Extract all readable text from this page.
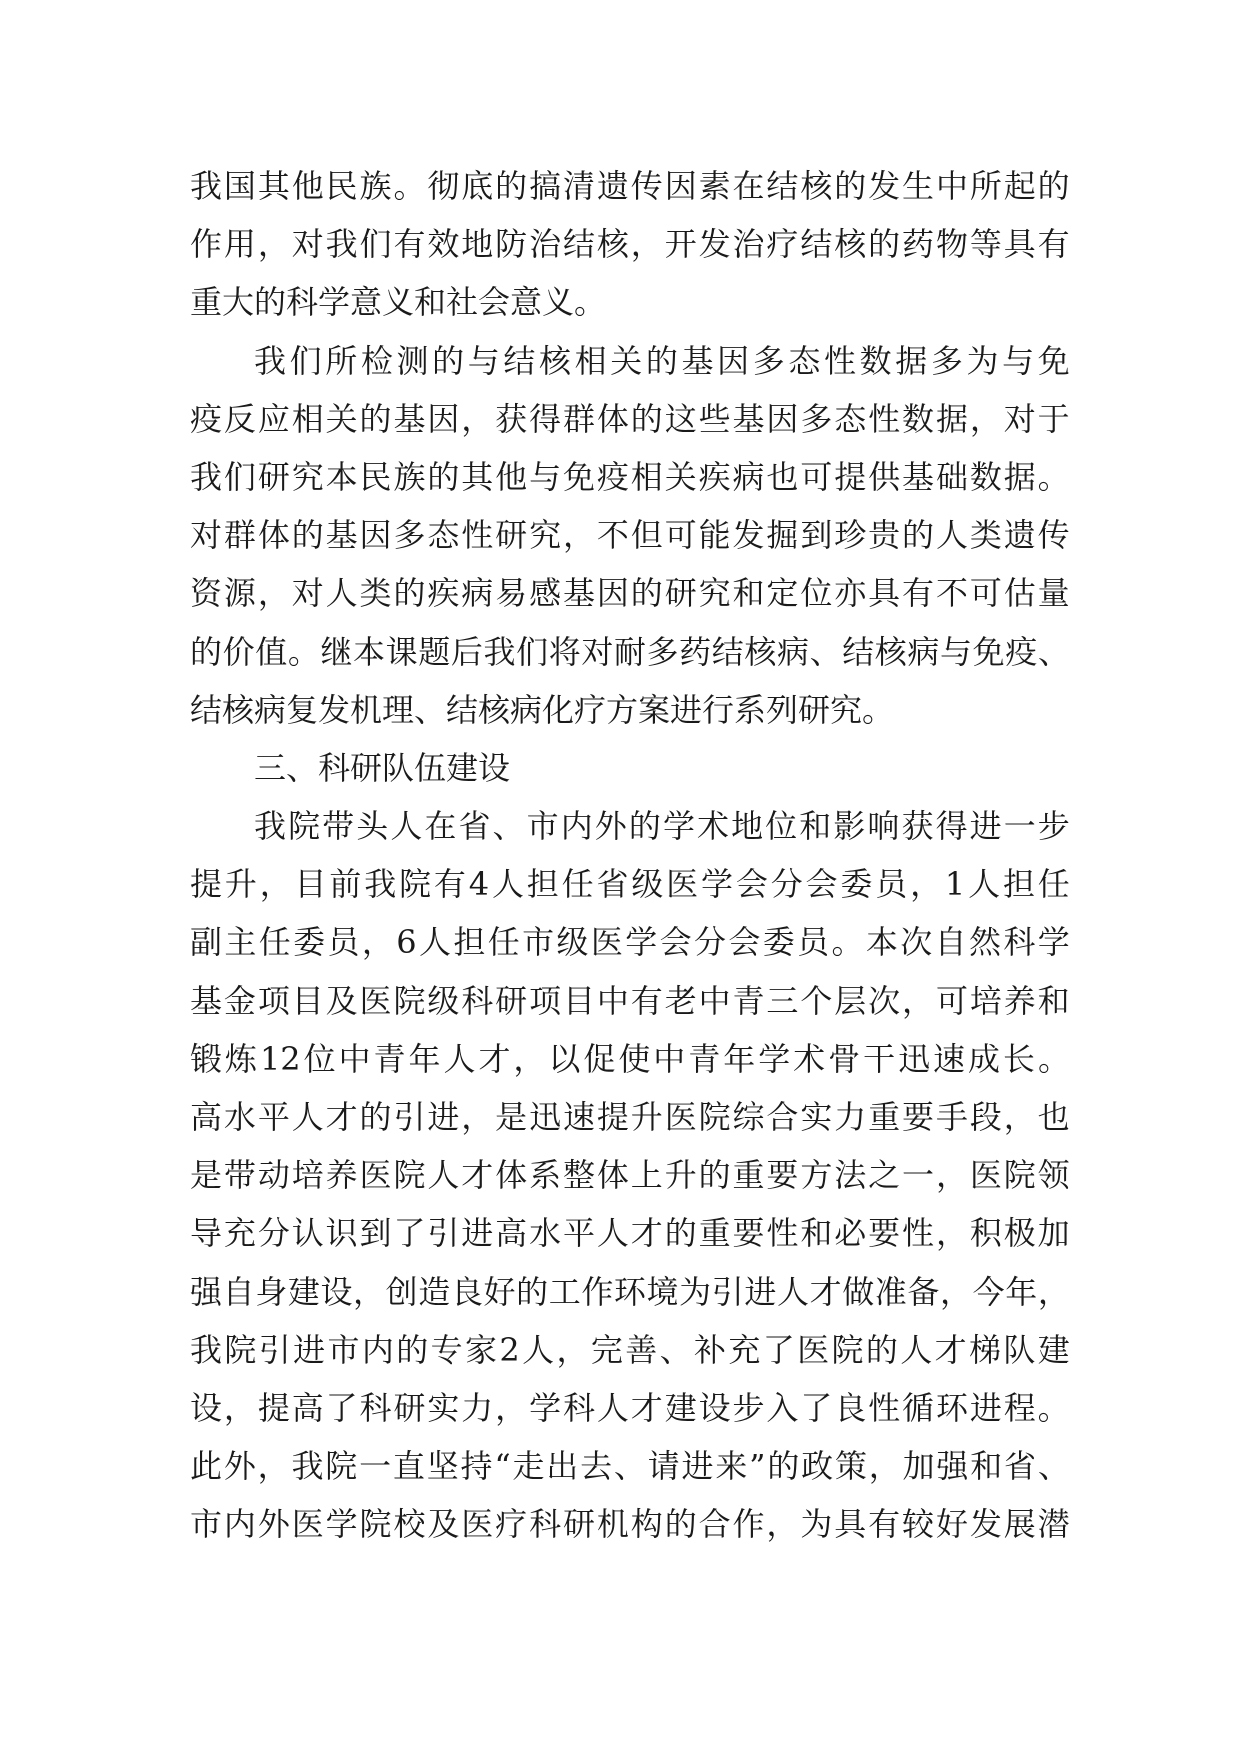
我 国 其 他 民 族 。 彻 底 的 搞 清 遗 传 因 素 在 结 核 的 发 生 中 所 起 的
作 用 ， 对 我 们 有 效 地 防 治 结 核 ， 开 发 治 疗 结 核 的 药 物 等 具 有
重大的科学意义和社会意义。
我 们 所 检 测 的 与 结 核 相 关 的 基 因 多 态 性 数 据 多 为 与 免
疫 反 应 相 关 的 基 因 ， 获 得 群 体 的 这 些 基 因 多 态 性 数 据 ， 对 于
我 们 研 究 本 民 族 的 其 他 与 免 疫 相 关 疾 病 也 可 提 供 基 础 数 据 。
对 群 体 的 基 因 多 态 性 研 究 ， 不 但 可 能 发 掘 到 珍 贵 的 人 类 遗 传
资 源 ， 对 人 类 的 疾 病 易 感 基 因 的 研 究 和 定 位 亦 具 有 不 可 估 量
的 价 值 。 继 本 课 题 后 我 们 将 对 耐 多 药 结 核 病 、 结 核 病 与 免 疫 、
结核病复发机理、结核病化疗方案进行系列研究。
三、科研队伍建设
我 院 带 头 人 在 省 、 市 内 外 的 学 术 地 位 和 影 响 获 得 进 一 步
提 升 ， 目 前 我 院 有 4 人 担 任 省 级 医 学 会 分 会 委 员 ， 1 人 担 任
副 主 任 委 员 ， 6 人 担 任 市 级 医 学 会 分 会 委 员 。 本 次 自 然 科 学
基 金 项 目 及 医 院 级 科 研 项 目 中 有 老 中 青 三 个 层 次 ， 可 培 养 和
锻 炼 12 位 中 青 年 人 才 ， 以 促 使 中 青 年 学 术 骨 干 迅 速 成 长 。
高 水 平 人 才 的 引 进 ， 是 迅 速 提 升 医 院 综 合 实 力 重 要 手 段 ， 也
是 带 动 培 养 医 院 人 才 体 系 整 体 上 升 的 重 要 方 法 之 一 ， 医 院 领
导 充 分 认 识 到 了 引 进 高 水 平 人 才 的 重 要 性 和 必 要 性 ， 积 极 加
强 自 身 建 设 ， 创 造 良 好 的 工 作 环 境 为 引 进 人 才 做 准 备 ， 今 年 ，
我 院 引 进 市 内 的 专 家 2 人 ， 完 善 、 补 充 了 医 院 的 人 才 梯 队 建
设 ， 提 高 了 科 研 实 力 ， 学 科 人 才 建 设 步 入 了 良 性 循 环 进 程 。
此 外 ， 我 院 一 直 坚 持 “ 走 出 去 、 请 进 来 ” 的 政 策 ， 加 强 和 省 、
市 内 外 医 学 院 校 及 医 疗 科 研 机 构 的 合 作 ， 为 具 有 较 好 发 展 潜
